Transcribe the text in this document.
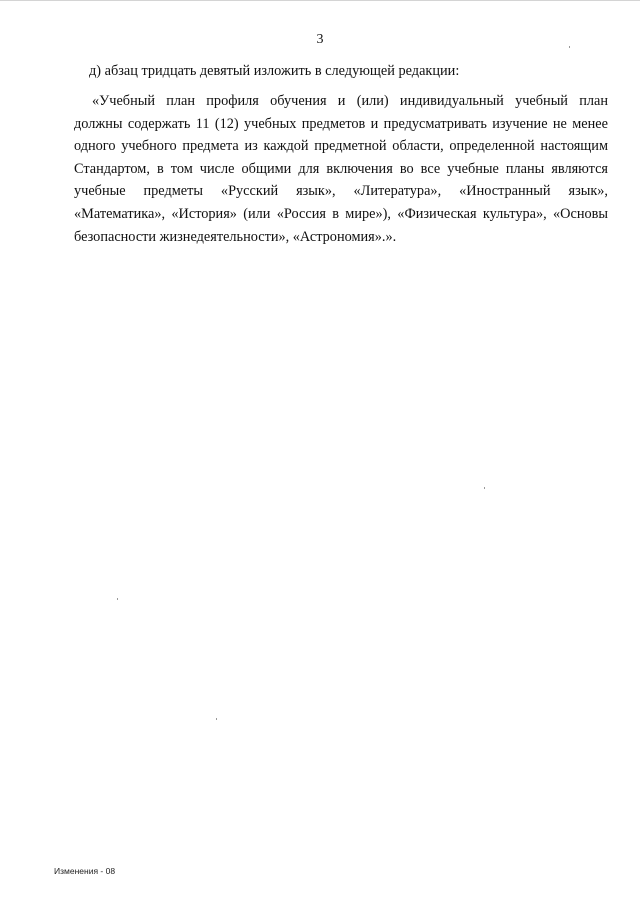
3
д) абзац тридцать девятый изложить в следующей редакции:
«Учебный план профиля обучения и (или) индивидуальный учебный план
должны содержать 11 (12) учебных предметов и предусматривать изучение не менее
одного учебного предмета из каждой предметной области, определенной настоящим
Стандартом, в том числе общими для включения во все учебные планы являются
учебные предметы «Русский язык», «Литература», «Иностранный язык»,
«Математика», «История» (или «Россия в мире»), «Физическая культура», «Основы
безопасности жизнедеятельности», «Астрономия».».
Изменения - 08
